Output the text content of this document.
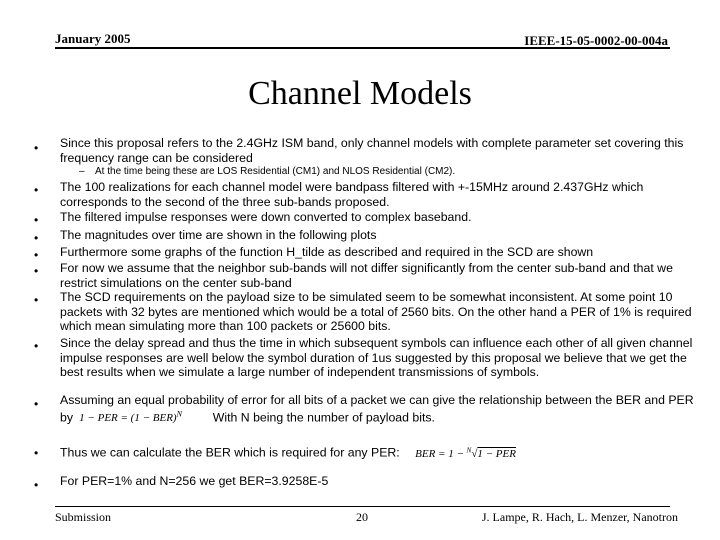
January 2005	IEEE-15-05-0002-00-004a
Channel Models
• Since this proposal refers to the 2.4GHz ISM band, only channel models with complete parameter set covering this frequency range can be considered
– At the time being these are LOS Residential (CM1) and NLOS Residential (CM2).
• The 100 realizations for each channel model were bandpass filtered with +-15MHz around 2.437GHz which corresponds to the second of the three sub-bands proposed.
• The filtered impulse responses were down converted to complex baseband.
• The magnitudes over time are shown in the following plots
• Furthermore some graphs of the function H_tilde as described and required in the SCD are shown
• For now we assume that the neighbor sub-bands will not differ significantly from the center sub-band and that we restrict simulations on the center sub-band
• The SCD requirements on the payload size to be simulated seem to be somewhat inconsistent. At some point 10 packets with 32 bytes are mentioned which would be a total of 2560 bits. On the other hand a PER of 1% is required which mean simulating more than 100 packets or 25600 bits.
• Since the delay spread and thus the time in which subsequent symbols can influence each other of all given channel impulse responses are well below the symbol duration of 1us suggested by this proposal we believe that we get the best results when we simulate a large number of independent transmissions of symbols.
• Assuming an equal probability of error for all bits of a packet we can give the relationship between the BER and PER by 1 − PER = (1 − BER)$^N$	With N being the number of payload bits.
• Thus we can calculate the BER which is required for any PER: BER = 1 − $^N$√1 − PER
• For PER=1% and N=256 we get BER=3.9258E-5
Submission	20	J. Lampe, R. Hach, L. Menzer, Nanotron
